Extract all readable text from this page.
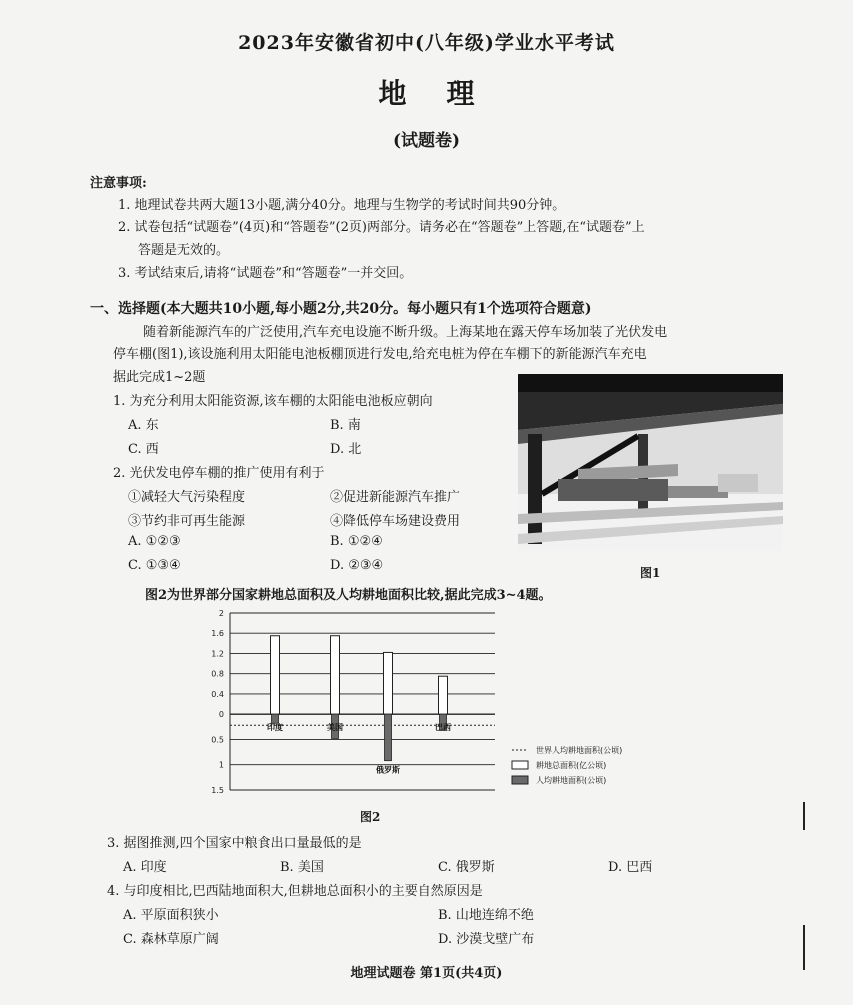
2023年安徽省初中(八年级)学业水平考试
地理
(试题卷)
注意事项:
1. 地理试卷共两大题13小题,满分40分。地理与生物学的考试时间共90分钟。
2. 试卷包括“试题卷”(4页)和“答题卷”(2页)两部分。请务必在“答题卷”上答题,在“试题卷”上
答题是无效的。
3. 考试结束后,请将“试题卷”和“答题卷”一并交回。
一、选择题(本大题共10小题,每小题2分,共20分。每小题只有1个选项符合题意)
随着新能源汽车的广泛使用,汽车充电设施不断升级。上海某地在露天停车场加装了光伏发电
停车棚(图1),该设施利用太阳能电池板棚顶进行发电,给充电桩为停在车棚下的新能源汽车充电
据此完成1~2题
1. 为充分利用太阳能资源,该车棚的太阳能电池板应朝向
A. 东	B. 南
C. 西	D. 北
2. 光伏发电停车棚的推广使用有利于
①减轻大气污染程度	②促进新能源汽车推广
③节约非可再生能源	④降低停车场建设费用
A. ①②③	B. ①②④
C. ①③④	D. ②③④	图1
图2为世界部分国家耕地总面积及人均耕地面积比较,据此完成3~4题。
2
1.6
1.2
0.8
0.4
0
0.5
1
1.5
印度	美国
俄罗斯
巴西
世界人均耕地面积(公顷)
耕地总面积(亿公顷)
人均耕地面积(公顷)
图2
3. 据图推测,四个国家中粮食出口量最低的是
A. 印度	B. 美国	C. 俄罗斯	D. 巴西
4. 与印度相比,巴西陆地面积大,但耕地总面积小的主要自然原因是
A. 平原面积狭小	B. 山地连绵不绝
C. 森林草原广阔	D. 沙漠戈壁广布
地理试题卷 第1页(共4页)
